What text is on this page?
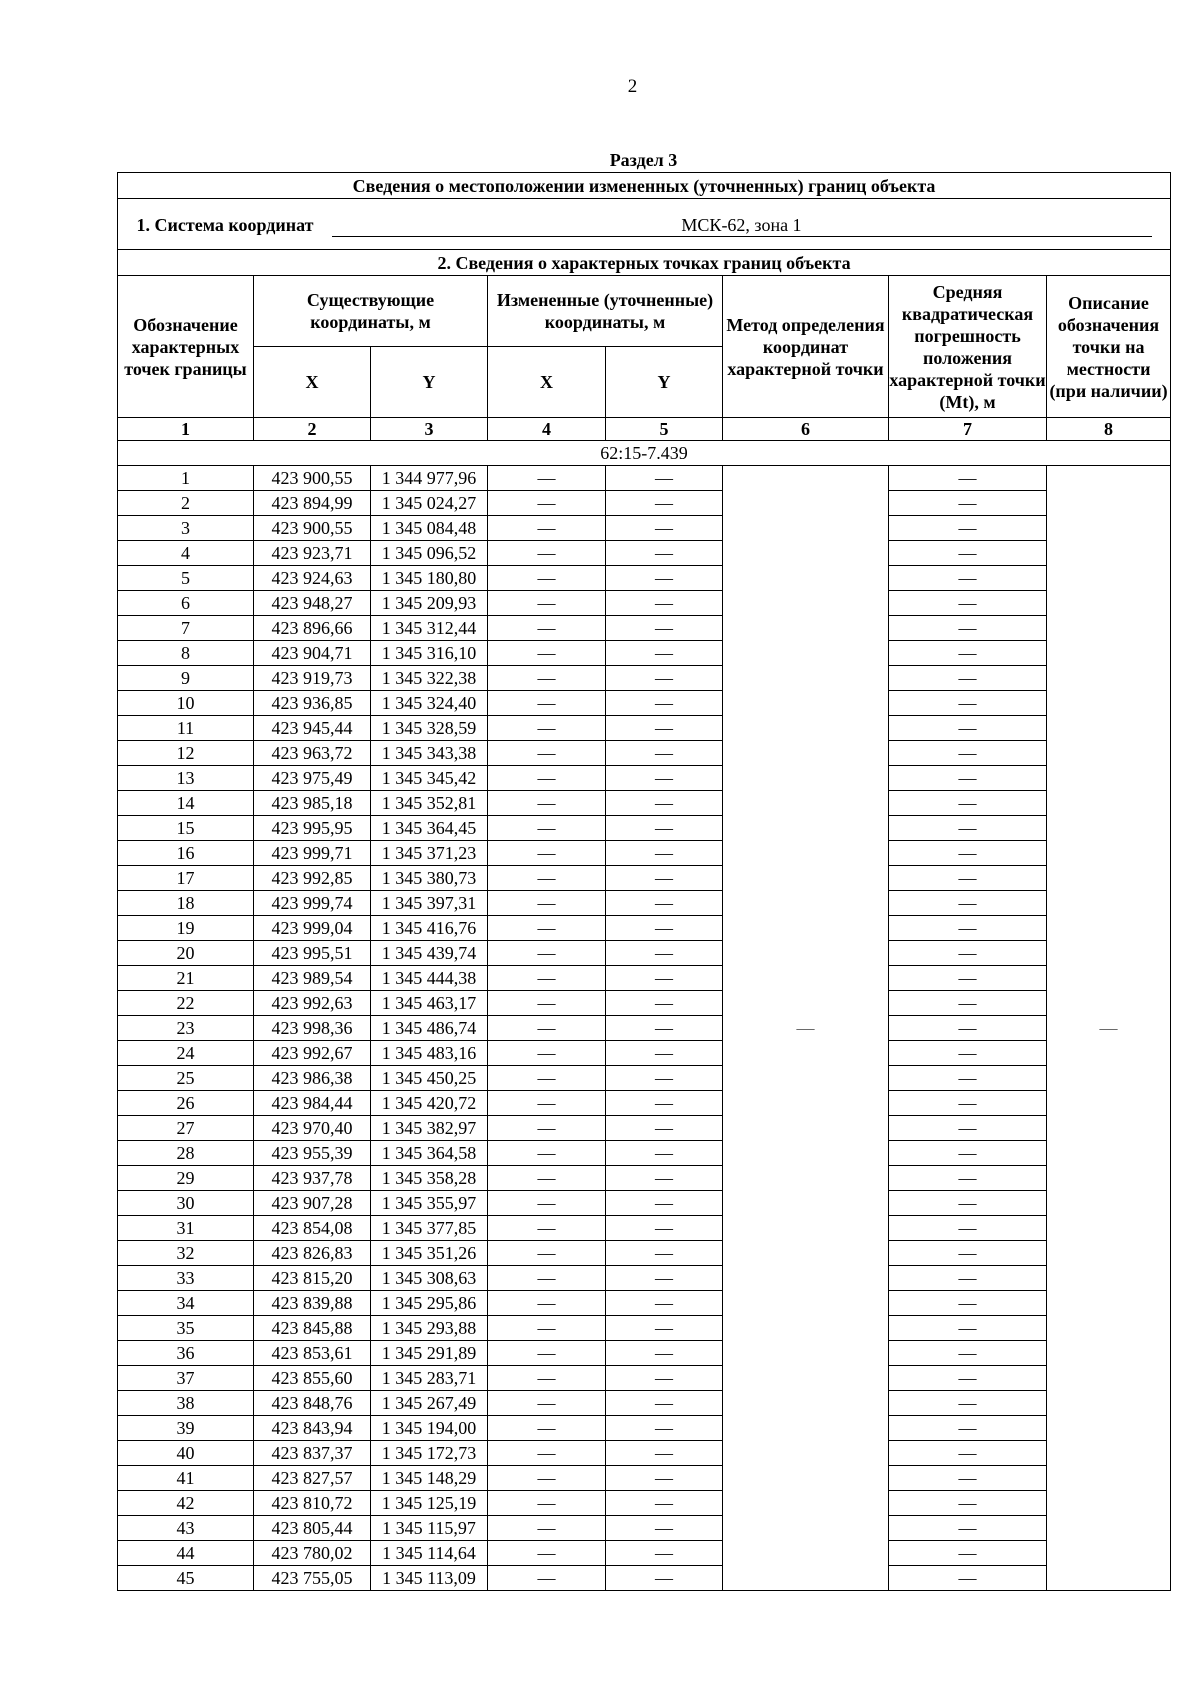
2
Раздел 3
Сведения о местоположении измененных (уточненных) границ объекта							
1. Система координат МСК-62, зона 1							
2. Сведения о характерных точках границ объекта							
Обозначение характерных точек границы	Существующие координаты, м		Измененные (уточненные) координаты, м		Метод определения координат характерной точки	Средняя квадратическая погрешность положения характерной точки (Mt), м	Описание обозначения точки на местности (при наличии)
	X	Y	X	Y			
1	2	3	4	5	6	7	8
62:15-7.439							
1	423 900,55	1 344 977,96	—	—	—	—	—
2	423 894,99	1 345 024,27	—	—		—	
3	423 900,55	1 345 084,48	—	—		—	
4	423 923,71	1 345 096,52	—	—		—	
5	423 924,63	1 345 180,80	—	—		—	
6	423 948,27	1 345 209,93	—	—		—	
7	423 896,66	1 345 312,44	—	—		—	
8	423 904,71	1 345 316,10	—	—		—	
9	423 919,73	1 345 322,38	—	—		—	
10	423 936,85	1 345 324,40	—	—		—	
11	423 945,44	1 345 328,59	—	—		—	
12	423 963,72	1 345 343,38	—	—		—	
13	423 975,49	1 345 345,42	—	—		—	
14	423 985,18	1 345 352,81	—	—		—	
15	423 995,95	1 345 364,45	—	—		—	
16	423 999,71	1 345 371,23	—	—		—	
17	423 992,85	1 345 380,73	—	—		—	
18	423 999,74	1 345 397,31	—	—		—	
19	423 999,04	1 345 416,76	—	—		—	
20	423 995,51	1 345 439,74	—	—		—	
21	423 989,54	1 345 444,38	—	—		—	
22	423 992,63	1 345 463,17	—	—		—	
23	423 998,36	1 345 486,74	—	—		—	
24	423 992,67	1 345 483,16	—	—		—	
25	423 986,38	1 345 450,25	—	—		—	
26	423 984,44	1 345 420,72	—	—		—	
27	423 970,40	1 345 382,97	—	—		—	
28	423 955,39	1 345 364,58	—	—		—	
29	423 937,78	1 345 358,28	—	—		—	
30	423 907,28	1 345 355,97	—	—		—	
31	423 854,08	1 345 377,85	—	—		—	
32	423 826,83	1 345 351,26	—	—		—	
33	423 815,20	1 345 308,63	—	—		—	
34	423 839,88	1 345 295,86	—	—		—	
35	423 845,88	1 345 293,88	—	—		—	
36	423 853,61	1 345 291,89	—	—		—	
37	423 855,60	1 345 283,71	—	—		—	
38	423 848,76	1 345 267,49	—	—		—	
39	423 843,94	1 345 194,00	—	—		—	
40	423 837,37	1 345 172,73	—	—		—	
41	423 827,57	1 345 148,29	—	—		—	
42	423 810,72	1 345 125,19	—	—		—	
43	423 805,44	1 345 115,97	—	—		—	
44	423 780,02	1 345 114,64	—	—		—	
45	423 755,05	1 345 113,09	—	—		—	
